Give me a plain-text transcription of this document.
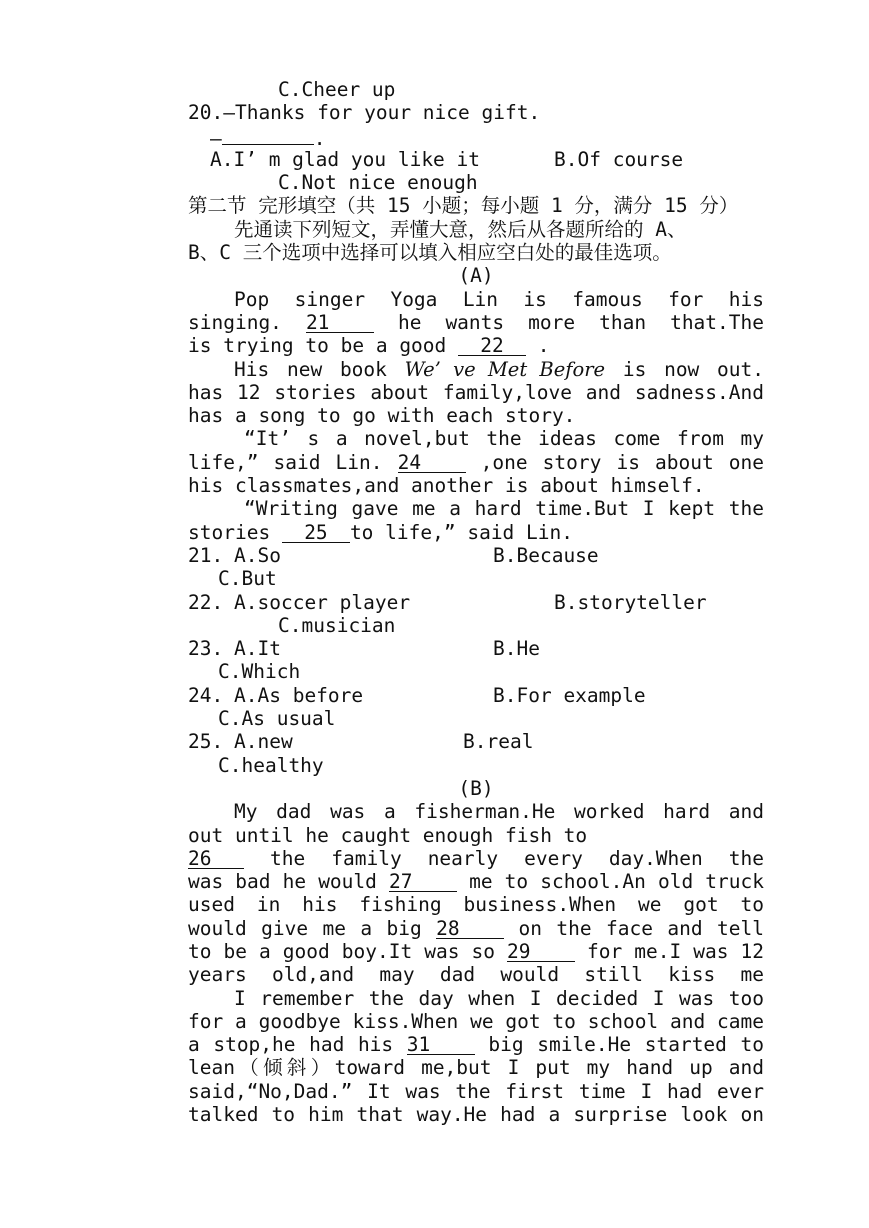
C.Cheer up
20.—Thanks for your nice gift.
—	.
A.I’ m glad you like it	B.Of course
C.Not nice enough
第二节 完形填空（共 15 小题；每小题 1 分，满分 15 分）
先通读下列短文，弄懂大意，然后从各题所给的 A、
B、C 三个选项中选择可以填入相应空白处的最佳选项。
(A)
Pop singer Yoga Lin is famous for his
singing. 21	he wants more than that.The
is trying to be a good 22 .
His new book We’ ve Met Before is now out.
has 12 stories about family,love and sadness.And
has a song to go with each story.
“It’ s a novel,but the ideas come from my
life,” said Lin. 24	,one story is about one
his classmates,and another is about himself.
“Writing gave me a hard time.But I kept the
stories 25 to life,” said Lin.
21. A.So	B.Because
C.But
22. A.soccer player	B.storyteller
C.musician
23. A.It	B.He
C.Which
24. A.As before	B.For example
C.As usual
25. A.new	B.real
C.healthy
(B)
My dad was a fisherman.He worked hard and
out until he caught enough fish to
26	the family nearly every day.When the
was bad he would 27	me to school.An old truck
used in his fishing business.When we got to
would give me a big 28	on the face and tell
to be a good boy.It was so 29	for me.I was 12
years old,and may dad would still kiss me
I remember the day when I decided I was too
for a goodbye kiss.When we got to school and came
a stop,he had his 31	big smile.He started to
lean（倾斜）toward me,but I put my hand up and
said,“No,Dad.” It was the first time I had ever
talked to him that way.He had a surprise look on
